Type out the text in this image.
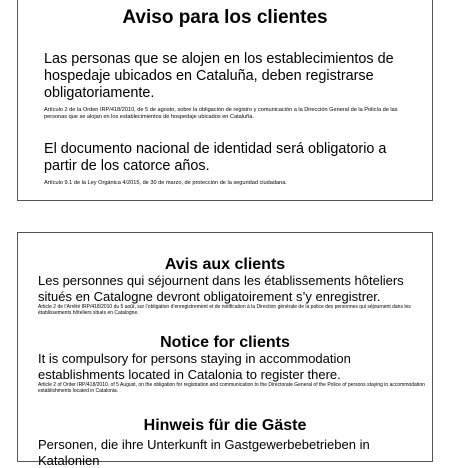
Aviso para los clientes

Las personas que se alojen en los establecimientos de hospedaje ubicados en Cataluña, deben registrarse obligatoriamente.

Artículo 2 de la Orden IRP/418/2010, de 5 de agosto, sobre la obligación de registro y comunicación a la Dirección General de la Policía de las personas que se alojan en los establecimientos de hospedaje ubicados en Cataluña.

El documento nacional de identidad será obligatorio a partir de los catorce años.

Artículo 9.1 de la Ley Orgánica 4/2015, de 30 de marzo, de protección de la seguridad ciudadana.

Avis aux clients

Les personnes qui séjournent dans les établissements hôteliers situés en Catalogne devront obligatoirement s’y enregistrer.

Article 2 de l’Arrêté IRP/418/2010 du 5 août, sur l’obligation d’enregistrement et de notification à la Direction générale de la police des personnes qui séjournent dans les établissements hôteliers situés en Catalogne.

Notice for clients

It is compulsory for persons staying in accommodation establishments located in Catalonia to register there.

Article 2 of Order IRP/418/2010, of 5 August, on the obligation for registration and communication to the Directorate General of the Police of persons staying in accommodation establishments located in Catalonia.

Hinweis für die Gäste

Personen, die ihre Unterkunft in Gastgewerbebetrieben in Katalonien
